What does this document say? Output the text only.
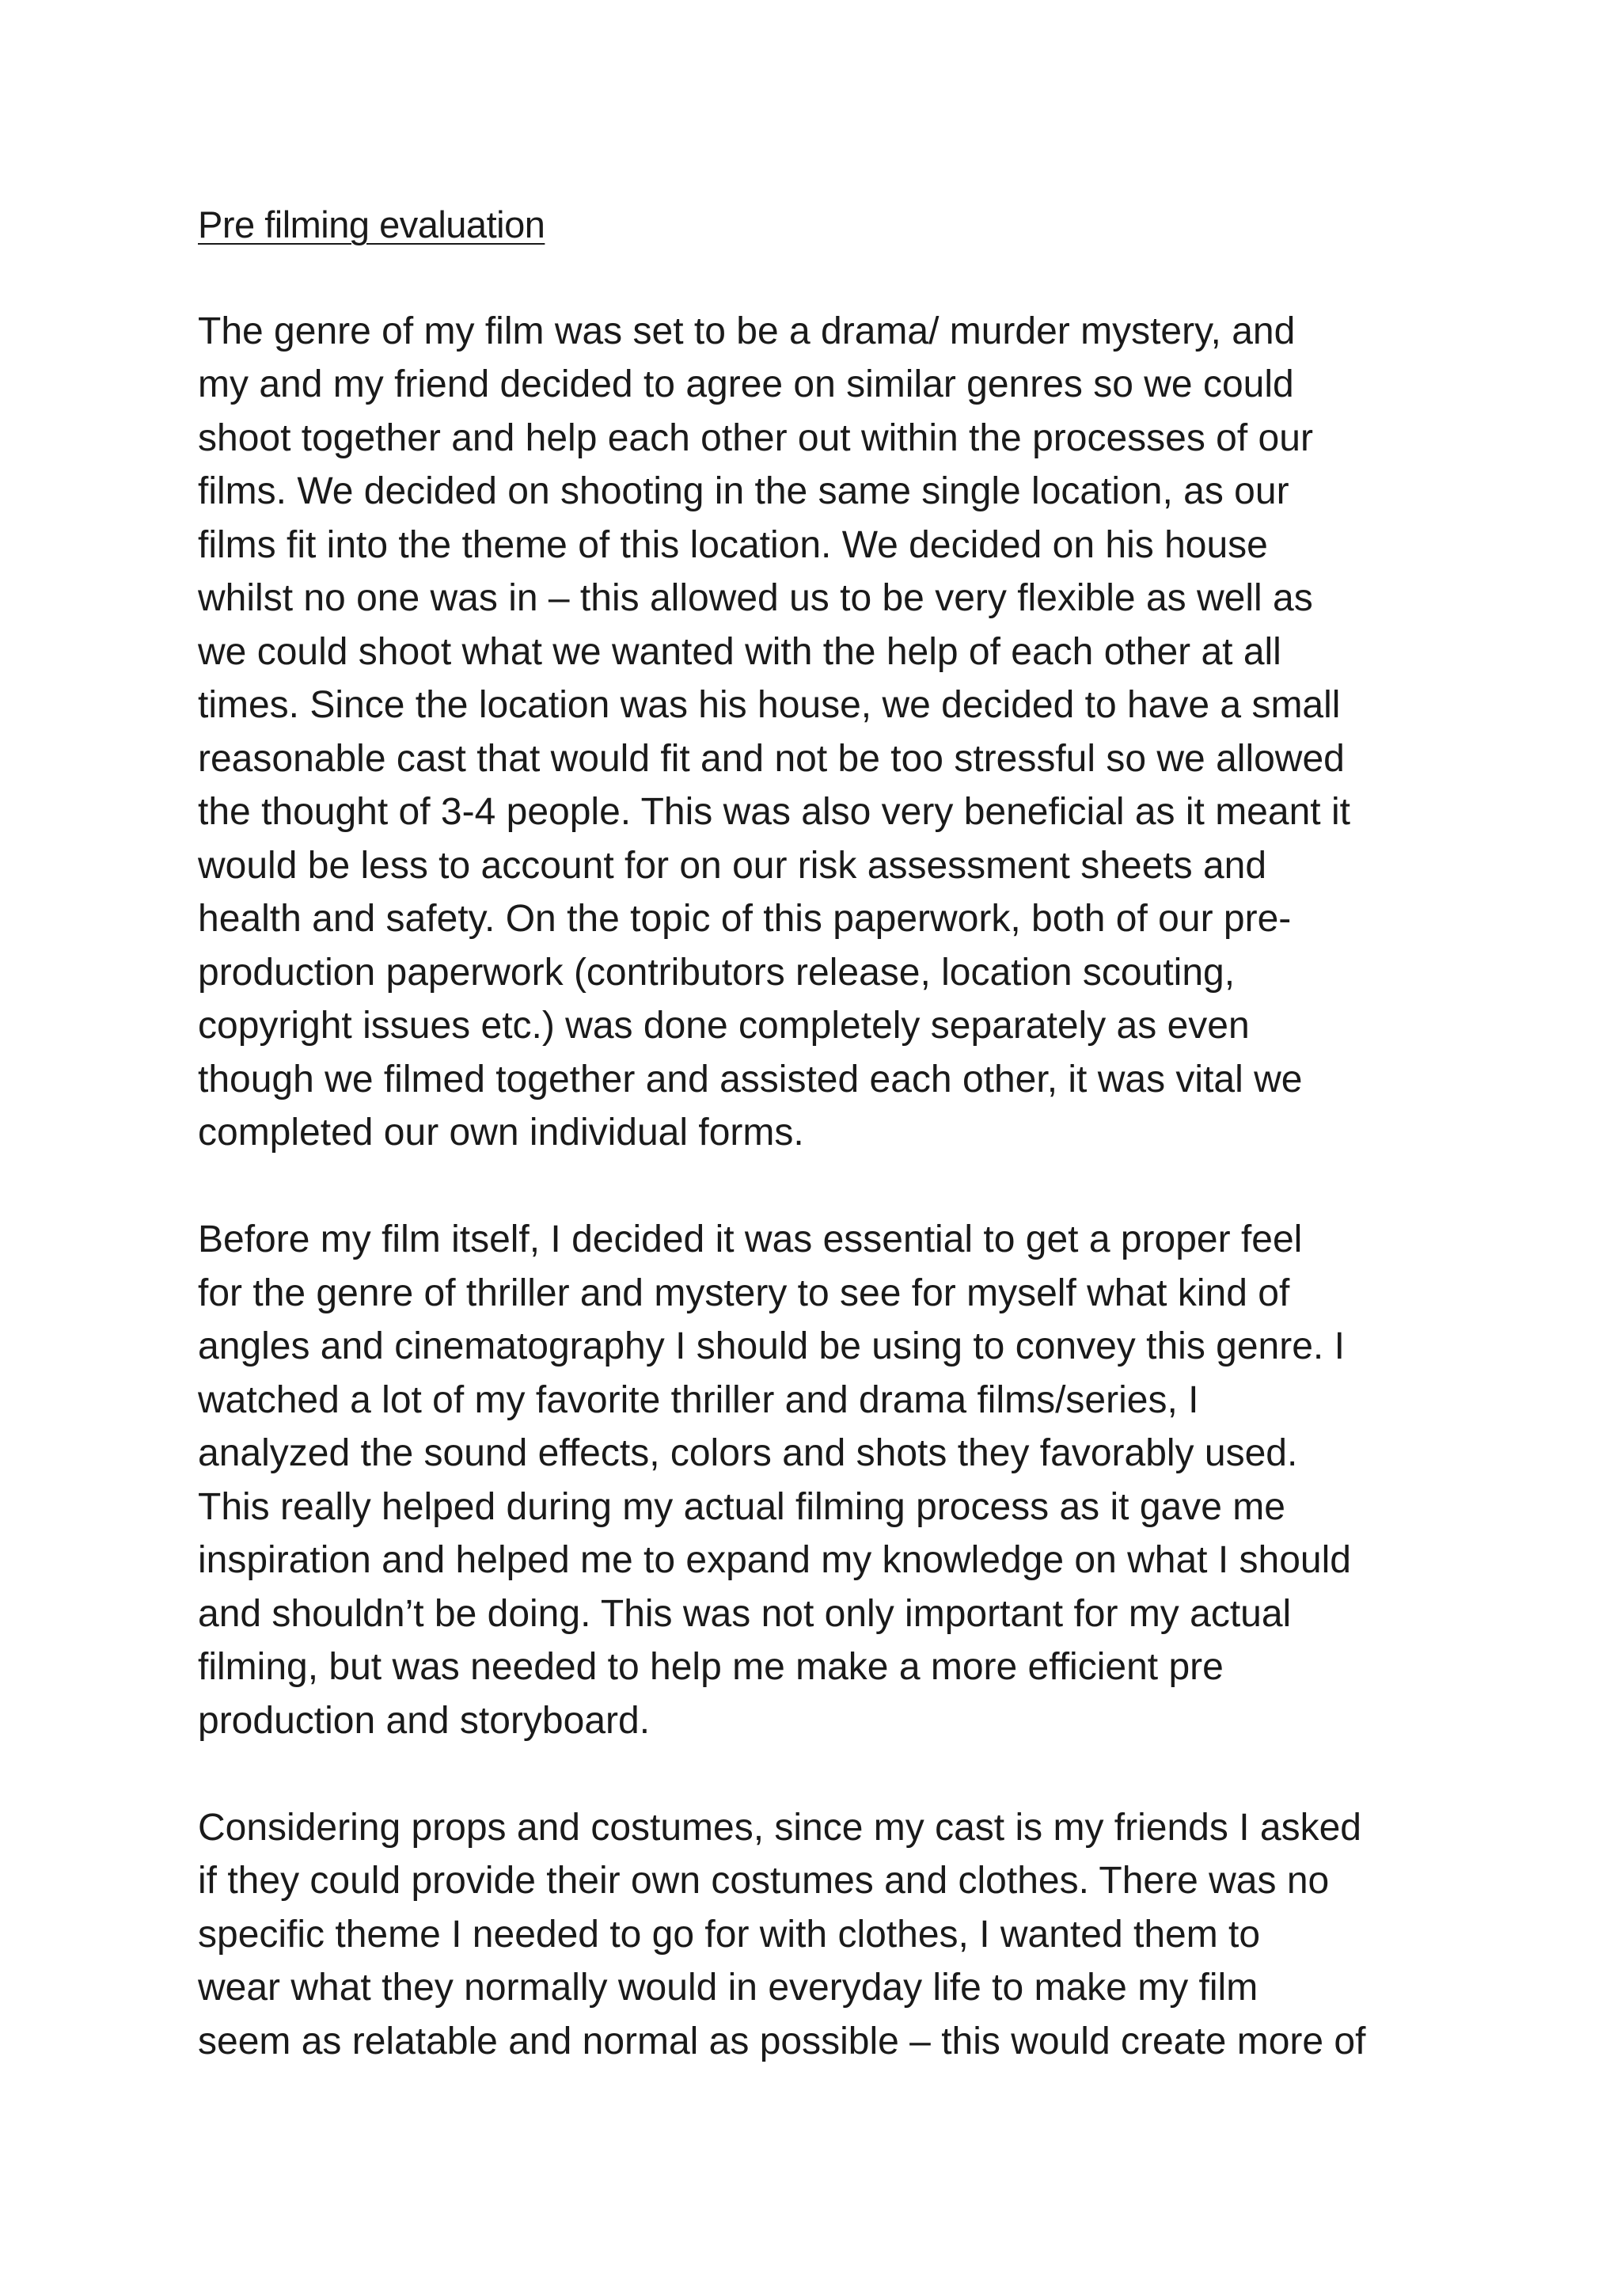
Pre filming evaluation
The genre of my film was set to be a drama/ murder mystery, and
my and my friend decided to agree on similar genres so we could
shoot together and help each other out within the processes of our
films. We decided on shooting in the same single location, as our
films fit into the theme of this location. We decided on his house
whilst no one was in – this allowed us to be very flexible as well as
we could shoot what we wanted with the help of each other at all
times. Since the location was his house, we decided to have a small
reasonable cast that would fit and not be too stressful so we allowed
the thought of 3-4 people. This was also very beneficial as it meant it
would be less to account for on our risk assessment sheets and
health and safety. On the topic of this paperwork, both of our pre-
production paperwork (contributors release, location scouting,
copyright issues etc.) was done completely separately as even
though we filmed together and assisted each other, it was vital we
completed our own individual forms.
Before my film itself, I decided it was essential to get a proper feel
for the genre of thriller and mystery to see for myself what kind of
angles and cinematography I should be using to convey this genre. I
watched a lot of my favorite thriller and drama films/series, I
analyzed the sound effects, colors and shots they favorably used.
This really helped during my actual filming process as it gave me
inspiration and helped me to expand my knowledge on what I should
and shouldn’t be doing. This was not only important for my actual
filming, but was needed to help me make a more efficient pre
production and storyboard.
Considering props and costumes, since my cast is my friends I asked
if they could provide their own costumes and clothes. There was no
specific theme I needed to go for with clothes, I wanted them to
wear what they normally would in everyday life to make my film
seem as relatable and normal as possible – this would create more of
